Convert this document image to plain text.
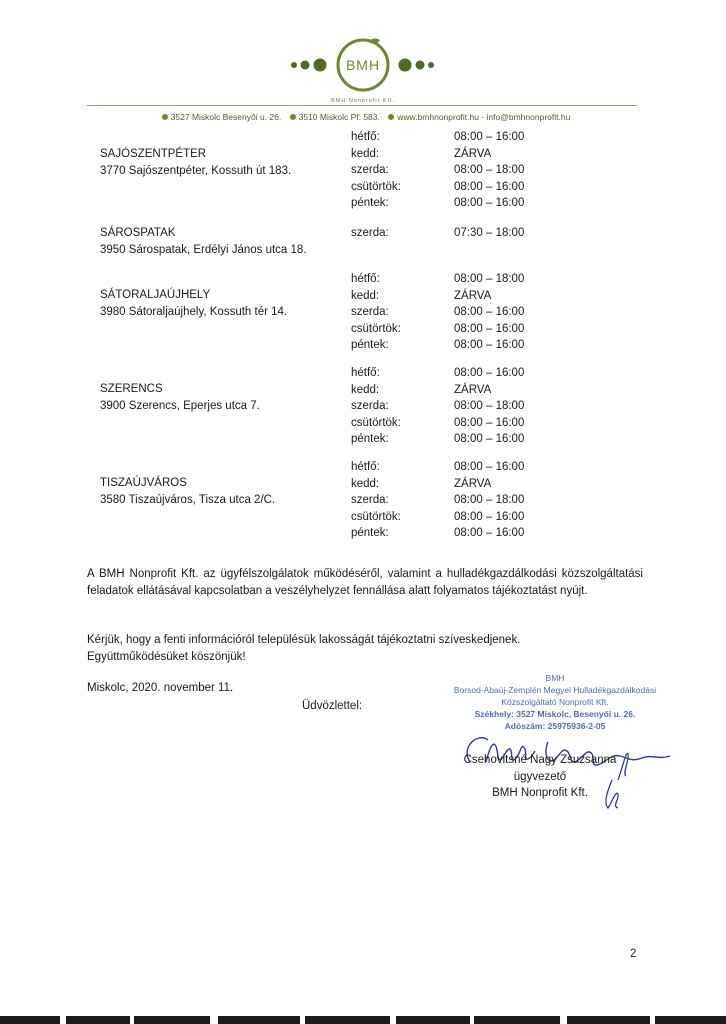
BMH
BMH Nonprofit Kft.
3527 Miskolc Besenyői u. 26. 3510 Miskolc Pf: 583. www.bmhnonprofit.hu - info@bmhnonprofit.hu
SAJÓSZENTPÉTER
3770 Sajószentpéter, Kossuth út 183.
hétfő:
kedd:
szerda:
csütörtök:
péntek:
08:00 – 16:00
ZÁRVA
08:00 – 18:00
08:00 – 16:00
08:00 – 16:00
SÁROSPATAK
3950 Sárospatak, Erdélyi János utca 18.
szerda:	07:30 – 18:00
SÁTORALJAÚJHELY
3980 Sátoraljaújhely, Kossuth tér 14.
hétfő:
kedd:
szerda:
csütörtök:
péntek:
08:00 – 18:00
ZÁRVA
08:00 – 16:00
08:00 – 16:00
08:00 – 16:00
SZERENCS
3900 Szerencs, Eperjes utca 7.
hétfő:
kedd:
szerda:
csütörtök:
péntek:
08:00 – 16:00
ZÁRVA
08:00 – 18:00
08:00 – 16:00
08:00 – 16:00
TISZAÚJVÁROS
3580 Tiszaújváros, Tisza utca 2/C.
hétfő:
kedd:
szerda:
csütörtök:
péntek:
08:00 – 16:00
ZÁRVA
08:00 – 18:00
08:00 – 16:00
08:00 – 16:00

A BMH Nonprofit Kft. az ügyfélszolgálatok működéséről, valamint a hulladékgazdálkodási közszolgáltatási feladatok ellátásával kapcsolatban a veszélyhelyzet fennállása alatt folyamatos tájékoztatást nyújt.

Kérjük, hogy a fenti információról településük lakosságát tájékoztatni szíveskedjenek.

Együttműködésüket köszönjük!

Miskolc, 2020. november 11.
Üdvözlettel:
BMH
Borsod-Abaúj-Zemplén Megyei Hulladékgazdálkodási
Közszolgáltató Nonprofit Kft.
Székhely: 3527 Miskolc, Besenyői u. 26.
Adószám: 25975936-2-05
Csehovitsné Nagy Zsuzsanna
ügyvezető
BMH Nonprofit Kft.
2
